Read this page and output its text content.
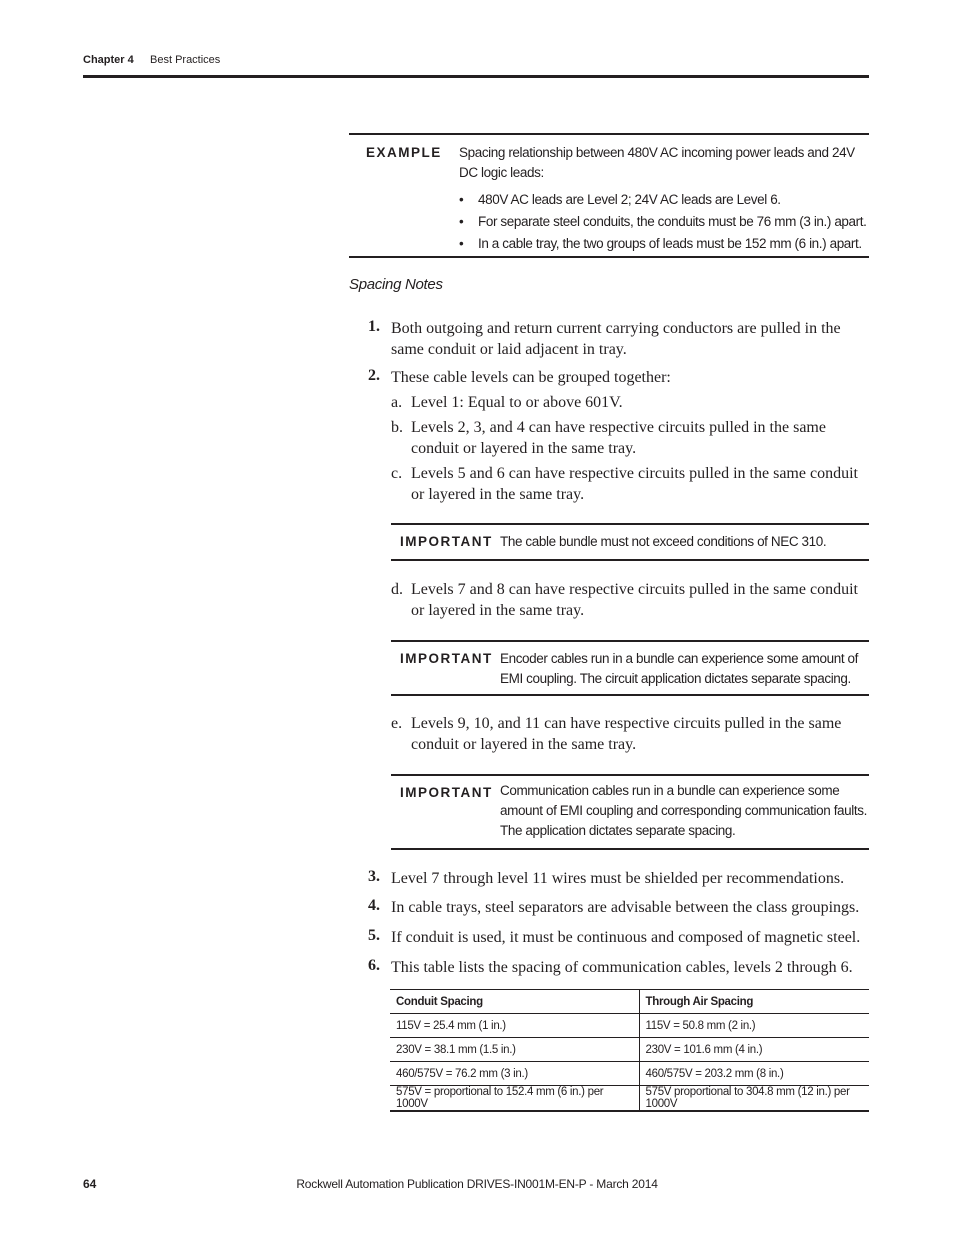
Chapter 4 Best Practices
EXAMPLE Spacing relationship between 480V AC incoming power leads and 24V DC logic leads:
• 480V AC leads are Level 2; 24V AC leads are Level 6.
• For separate steel conduits, the conduits must be 76 mm (3 in.) apart.
• In a cable tray, the two groups of leads must be 152 mm (6 in.) apart.
Spacing Notes
1. Both outgoing and return current carrying conductors are pulled in the same conduit or laid adjacent in tray.
2. These cable levels can be grouped together:
a. Level 1: Equal to or above 601V.
b. Levels 2, 3, and 4 can have respective circuits pulled in the same conduit or layered in the same tray.
c. Levels 5 and 6 can have respective circuits pulled in the same conduit or layered in the same tray.
IMPORTANT The cable bundle must not exceed conditions of NEC 310.
d. Levels 7 and 8 can have respective circuits pulled in the same conduit or layered in the same tray.
IMPORTANT Encoder cables run in a bundle can experience some amount of EMI coupling. The circuit application dictates separate spacing.
e. Levels 9, 10, and 11 can have respective circuits pulled in the same conduit or layered in the same tray.
IMPORTANT Communication cables run in a bundle can experience some amount of EMI coupling and corresponding communication faults. The application dictates separate spacing.
3. Level 7 through level 11 wires must be shielded per recommendations.
4. In cable trays, steel separators are advisable between the class groupings.
5. If conduit is used, it must be continuous and composed of magnetic steel.
6. This table lists the spacing of communication cables, levels 2 through 6.
Conduit Spacing	Through Air Spacing
115V = 25.4 mm (1 in.)	115V = 50.8 mm (2 in.)
230V = 38.1 mm (1.5 in.)	230V = 101.6 mm (4 in.)
460/575V = 76.2 mm (3 in.)	460/575V = 203.2 mm (8 in.)
575V = proportional to 152.4 mm (6 in.) per 1000V	575V proportional to 304.8 mm (12 in.) per 1000V
Rockwell Automation Publication DRIVES-IN001M-EN-P - March 2014
64
